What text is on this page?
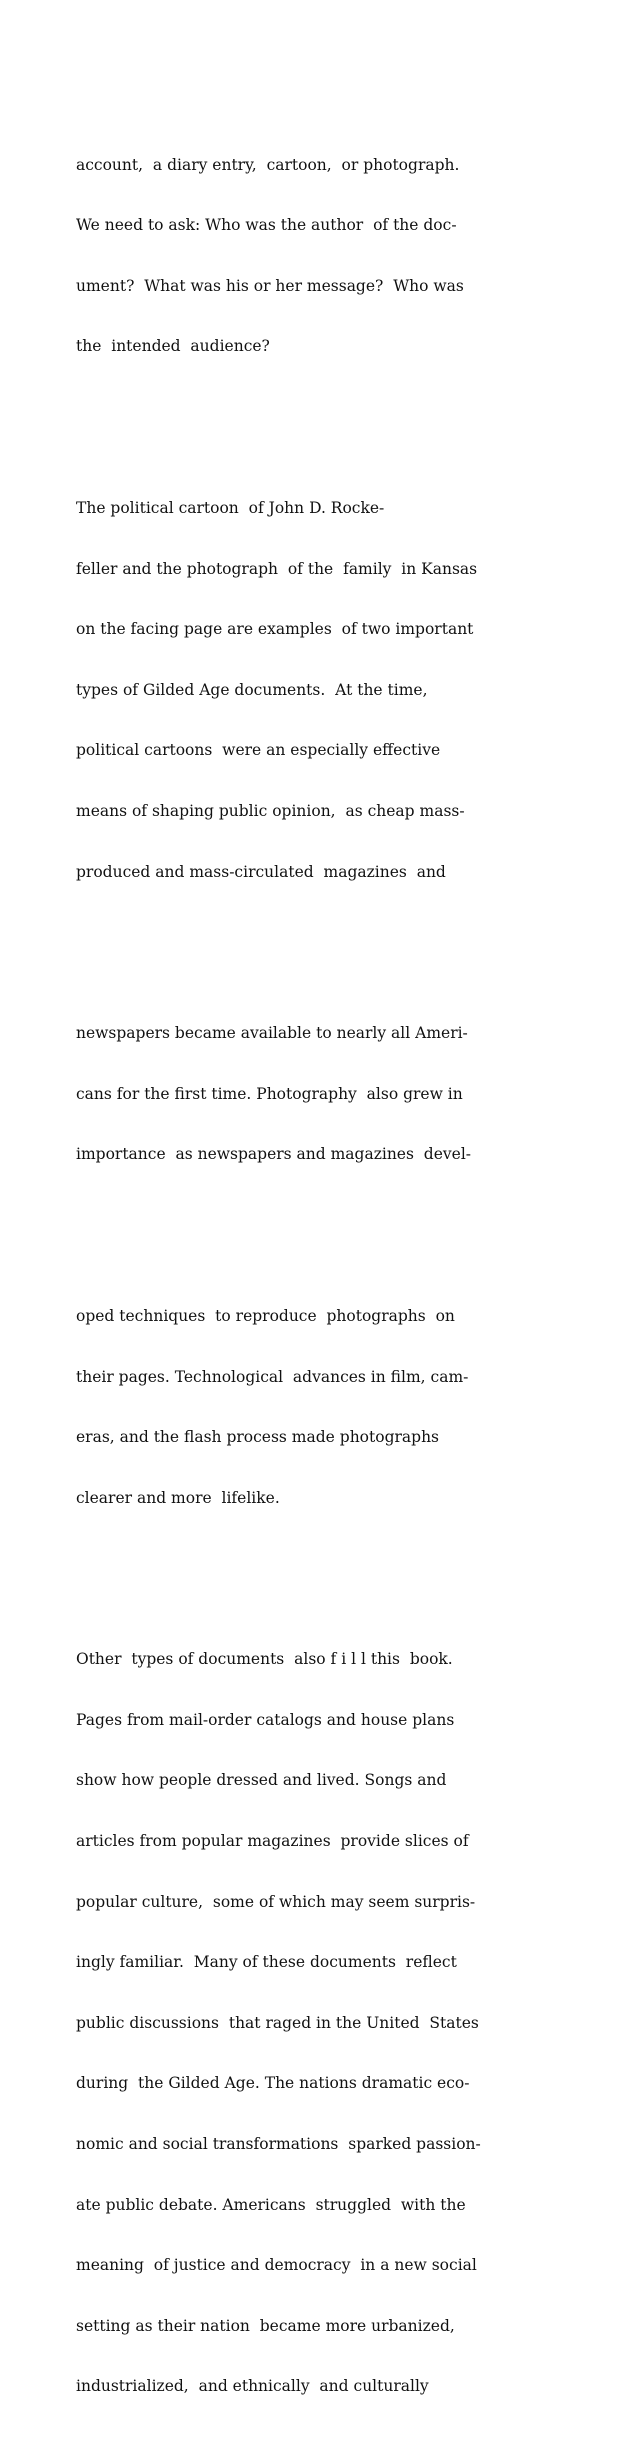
account,  a diary entry,  cartoon,  or photograph.

We need to ask: Who was the author  of the doc-

ument?  What was his or her message?  Who was

the  intended  audience?

The political cartoon  of John D. Rocke-

feller and the photograph  of the  family  in Kansas

on the facing page are examples  of two important

types of Gilded Age documents.  At the time,

political cartoons  were an especially effective

means of shaping public opinion,  as cheap mass-

produced and mass-circulated  magazines  and

newspapers became available to nearly all Ameri-

cans for the first time. Photography  also grew in

importance  as newspapers and magazines  devel-

oped techniques  to reproduce  photographs  on

their pages. Technological  advances in film, cam-

eras, and the flash process made photographs

clearer and more  lifelike.

Other  types of documents  also f i l l this  book.

Pages from mail-order catalogs and house plans

show how people dressed and lived. Songs and

articles from popular magazines  provide slices of

popular culture,  some of which may seem surpris-

ingly familiar.  Many of these documents  reflect

public discussions  that raged in the United  States

during  the Gilded Age. The nations dramatic eco-

nomic and social transformations  sparked passion-

ate public debate. Americans  struggled  with the

meaning  of justice and democracy  in a new social

setting as their nation  became more urbanized,

industrialized,  and ethnically  and culturally
